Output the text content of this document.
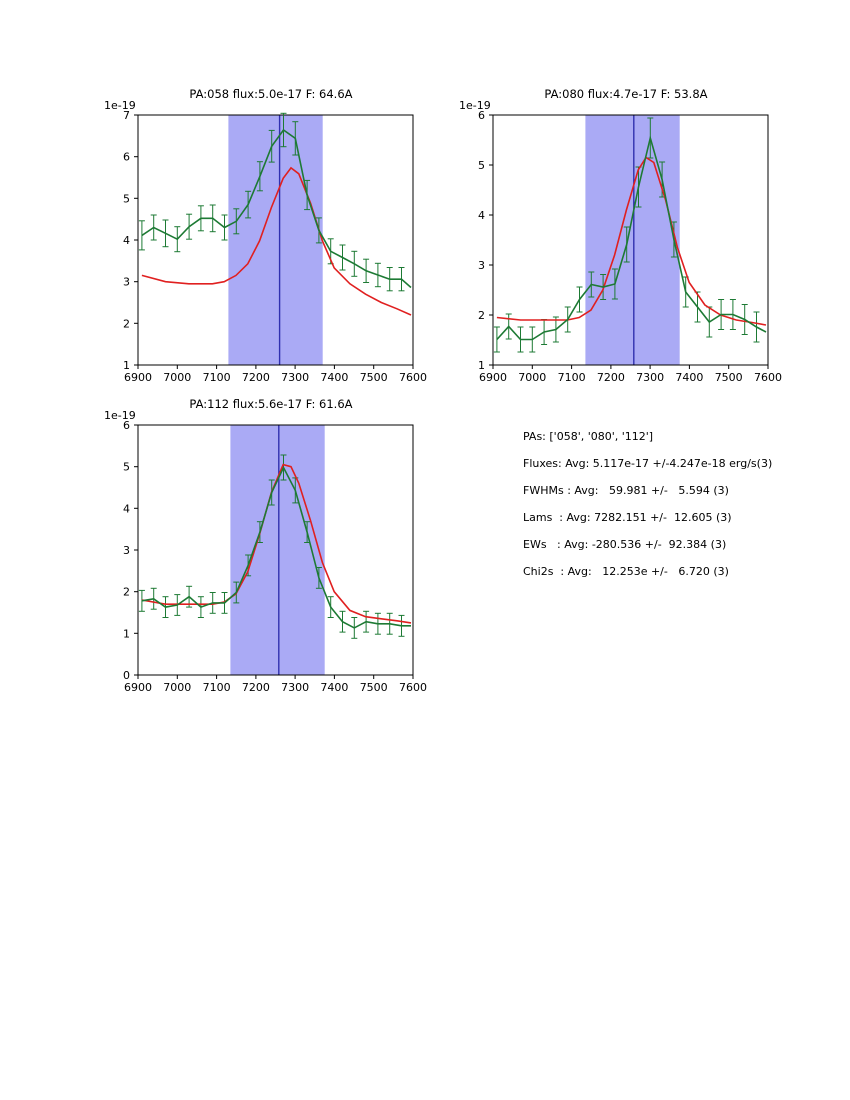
PA:058 flux:5.0e-17 F: 64.6A

1e-19
6900 7000 7100 7200 7300 7400 7500 7600
1
2
3
4
5
6
7

PA:080 flux:4.7e-17 F: 53.8A

1e-19
6900 7000 7100 7200 7300 7400 7500 7600
1
2
3
4
5
6

PA:112 flux:5.6e-17 F: 61.6A

1e-19
6900 7000 7100 7200 7300 7400 7500 7600
0
1
2
3
4
5
6
PAs: ['058', '080', '112']
Fluxes: Avg: 5.117e-17 +/-4.247e-18 erg/s(3)
FWHMs : Avg:   59.981 +/-   5.594 (3)
Lams  : Avg: 7282.151 +/-  12.605 (3)
EWs   : Avg: -280.536 +/-  92.384 (3)
Chi2s  : Avg:   12.253e +/-   6.720 (3)
